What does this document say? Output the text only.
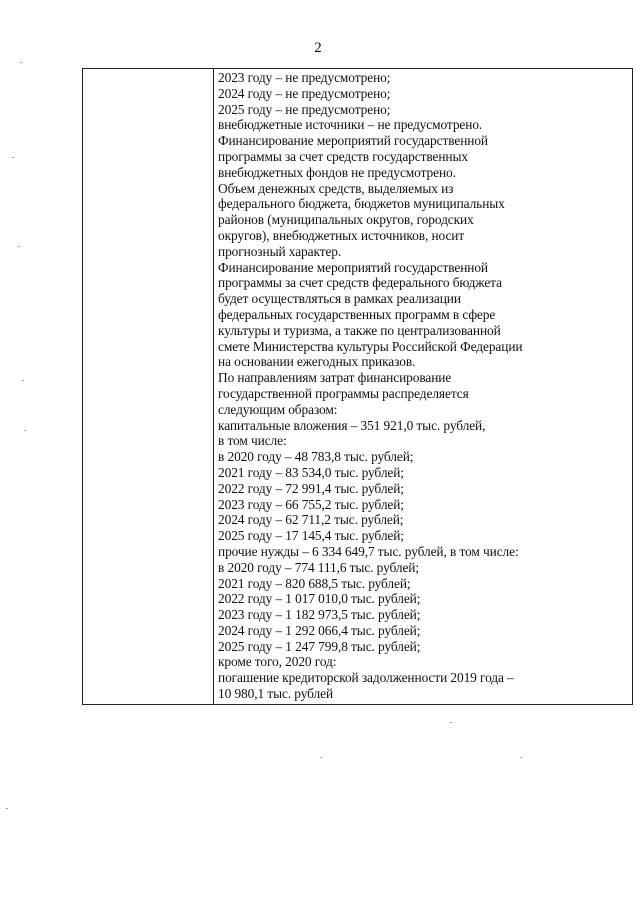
2
2023 году – не предусмотрено;
2024 году – не предусмотрено;
2025 году – не предусмотрено;
внебюджетные источники – не предусмотрено.
Финансирование мероприятий государственной
программы за счет средств государственных
внебюджетных фондов не предусмотрено.
Объем денежных средств, выделяемых из
федерального бюджета, бюджетов муниципальных
районов (муниципальных округов, городских
округов), внебюджетных источников, носит
прогнозный характер.
Финансирование мероприятий государственной
программы за счет средств федерального бюджета
будет осуществляться в рамках реализации
федеральных государственных программ в сфере
культуры и туризма, а также по централизованной
смете Министерства культуры Российской Федерации
на основании ежегодных приказов.
По направлениям затрат финансирование
государственной программы распределяется
следующим образом:
капитальные вложения – 351 921,0 тыс. рублей,
в том числе:
в 2020 году – 48 783,8 тыс. рублей;
2021 году – 83 534,0 тыс. рублей;
2022 году – 72 991,4 тыс. рублей;
2023 году – 66 755,2 тыс. рублей;
2024 году – 62 711,2 тыс. рублей;
2025 году – 17 145,4 тыс. рублей;
прочие нужды – 6 334 649,7 тыс. рублей, в том числе:
в 2020 году – 774 111,6 тыс. рублей;
2021 году – 820 688,5 тыс. рублей;
2022 году – 1 017 010,0 тыс. рублей;
2023 году – 1 182 973,5 тыс. рублей;
2024 году – 1 292 066,4 тыс. рублей;
2025 году – 1 247 799,8 тыс. рублей;
кроме того, 2020 год:
погашение кредиторской задолженности 2019 года –
10 980,1 тыс. рублей
